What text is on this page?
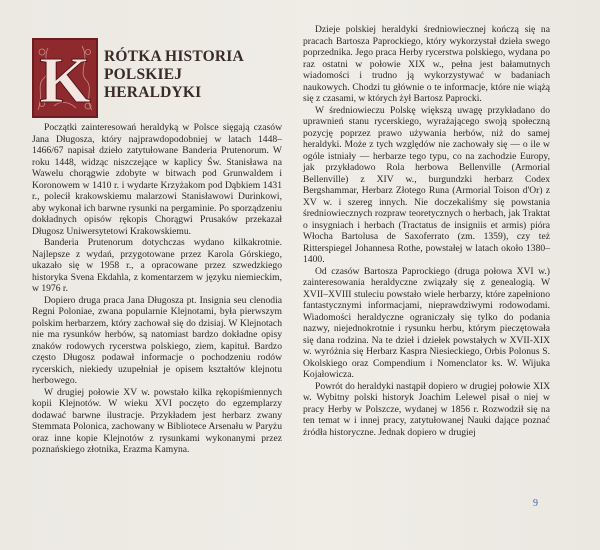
K RÓTKA HISTORIA
POLSKIEJ
HERALDYKI

Początki zainteresowań heraldyką w Polsce sięgają czasów Jana Długosza, który najprawdopodobniej w latach 1448–1466/67 napisał dzieło zatytułowane Banderia Prutenorum. W roku 1448, widząc niszczejące w kaplicy Św. Stanisława na Wawelu chorągwie zdobyte w bitwach pod Grunwaldem i Koronowem w 1410 r. i wydarte Krzyżakom pod Dąbkiem 1431 r., polecił krakowskiemu malarzowi Stanisławowi Durinkowi, aby wykonał ich barwne rysunki na pergaminie. Po sporządzeniu dokładnych opisów rękopis Chorągwi Prusaków przekazał Długosz Uniwersytetowi Krakowskiemu.

Banderia Prutenorum dotychczas wydano kilkakrotnie. Najlepsze z wydań, przygotowane przez Karola Górskiego, ukazało się w 1958 r., a opracowane przez szwedzkiego historyka Svena Ekdahla, z komentarzem w języku niemieckim, w 1976 r.

Dopiero druga praca Jana Długosza pt. Insignia seu clenodia Regni Poloniae, zwana popularnie Klejnotami, była pierwszym polskim herbarzem, który zachował się do dzisiaj. W Klejnotach nie ma rysunków herbów, są natomiast bardzo dokładne opisy znaków rodowych rycerstwa polskiego, ziem, kapituł. Bardzo często Długosz podawał informacje o pochodzeniu rodów rycerskich, niekiedy uzupełniał je opisem kształtów klejnotu herbowego.

W drugiej połowie XV w. powstało kilka rękopiśmiennych kopii Klejnotów. W wieku XVI poczęto do egzemplarzy dodawać barwne ilustracje. Przykładem jest herbarz zwany Stemmata Polonica, zachowany w Bibliotece Arsenału w Paryżu oraz inne kopie Klejnotów z rysunkami wykonanymi przez poznańskiego złotnika, Erazma Kamyna.

Dzieje polskiej heraldyki średniowiecznej kończą się na pracach Bartosza Paprockiego, który wykorzystał dzieła swego poprzednika. Jego praca Herby rycerstwa polskiego, wydana po raz ostatni w połowie XIX w., pełna jest bałamutnych wiadomości i trudno ją wykorzystywać w badaniach naukowych. Chodzi tu głównie o te informacje, które nie wiążą się z czasami, w których żył Bartosz Paprocki.

W średniowieczu Polskę większą uwagę przykładano do uprawnień stanu rycerskiego, wyrażającego swoją społeczną pozycję poprzez prawo używania herbów, niż do samej heraldyki. Może z tych względów nie zachowały się — o ile w ogóle istniały — herbarze tego typu, co na zachodzie Europy, jak przykładowo Rola herbowa Bellenville (Armorial Bellenville) z XIV w., burgundzki herbarz Codex Bergshammar, Herbarz Złotego Runa (Armorial Toison d'Or) z XV w. i szereg innych. Nie doczekaliśmy się powstania średniowiecznych rozpraw teoretycznych o herbach, jak Traktat o insygniach i herbach (Tractatus de insigniis et armis) pióra Włocha Bartolusa de Saxoferrato (zm. 1359), czy też Ritterspiegel Johannesa Rothe, powstałej w latach około 1380–1400.

Od czasów Bartosza Paprockiego (druga połowa XVI w.) zainteresowania heraldyczne związały się z genealogią. W XVII–XVIII stuleciu powstało wiele herbarzy, które zapełniono fantastycznymi informacjami, nieprawdziwymi rodowodami. Wiadomości heraldyczne ograniczały się tylko do podania nazwy, niejednokrotnie i rysunku herbu, którym pieczętowała się dana rodzina. Na te dzieł i dziełek powstałych w XVII-XIX w. wyróżnia się Herbarz Kaspra Niesieckiego, Orbis Polonus S. Okolskiego oraz Compendium i Nomenclator ks. W. Wijuka Kojałowicza.

Powrót do heraldyki nastąpił dopiero w drugiej połowie XIX w. Wybitny polski historyk Joachim Lelewel pisał o niej w pracy Herby w Polszcze, wydanej w 1856 r. Rozwodził się na ten temat w i innej pracy, zatytułowanej Nauki dające poznać źródła historyczne. Jednak dopiero w drugiej

9
